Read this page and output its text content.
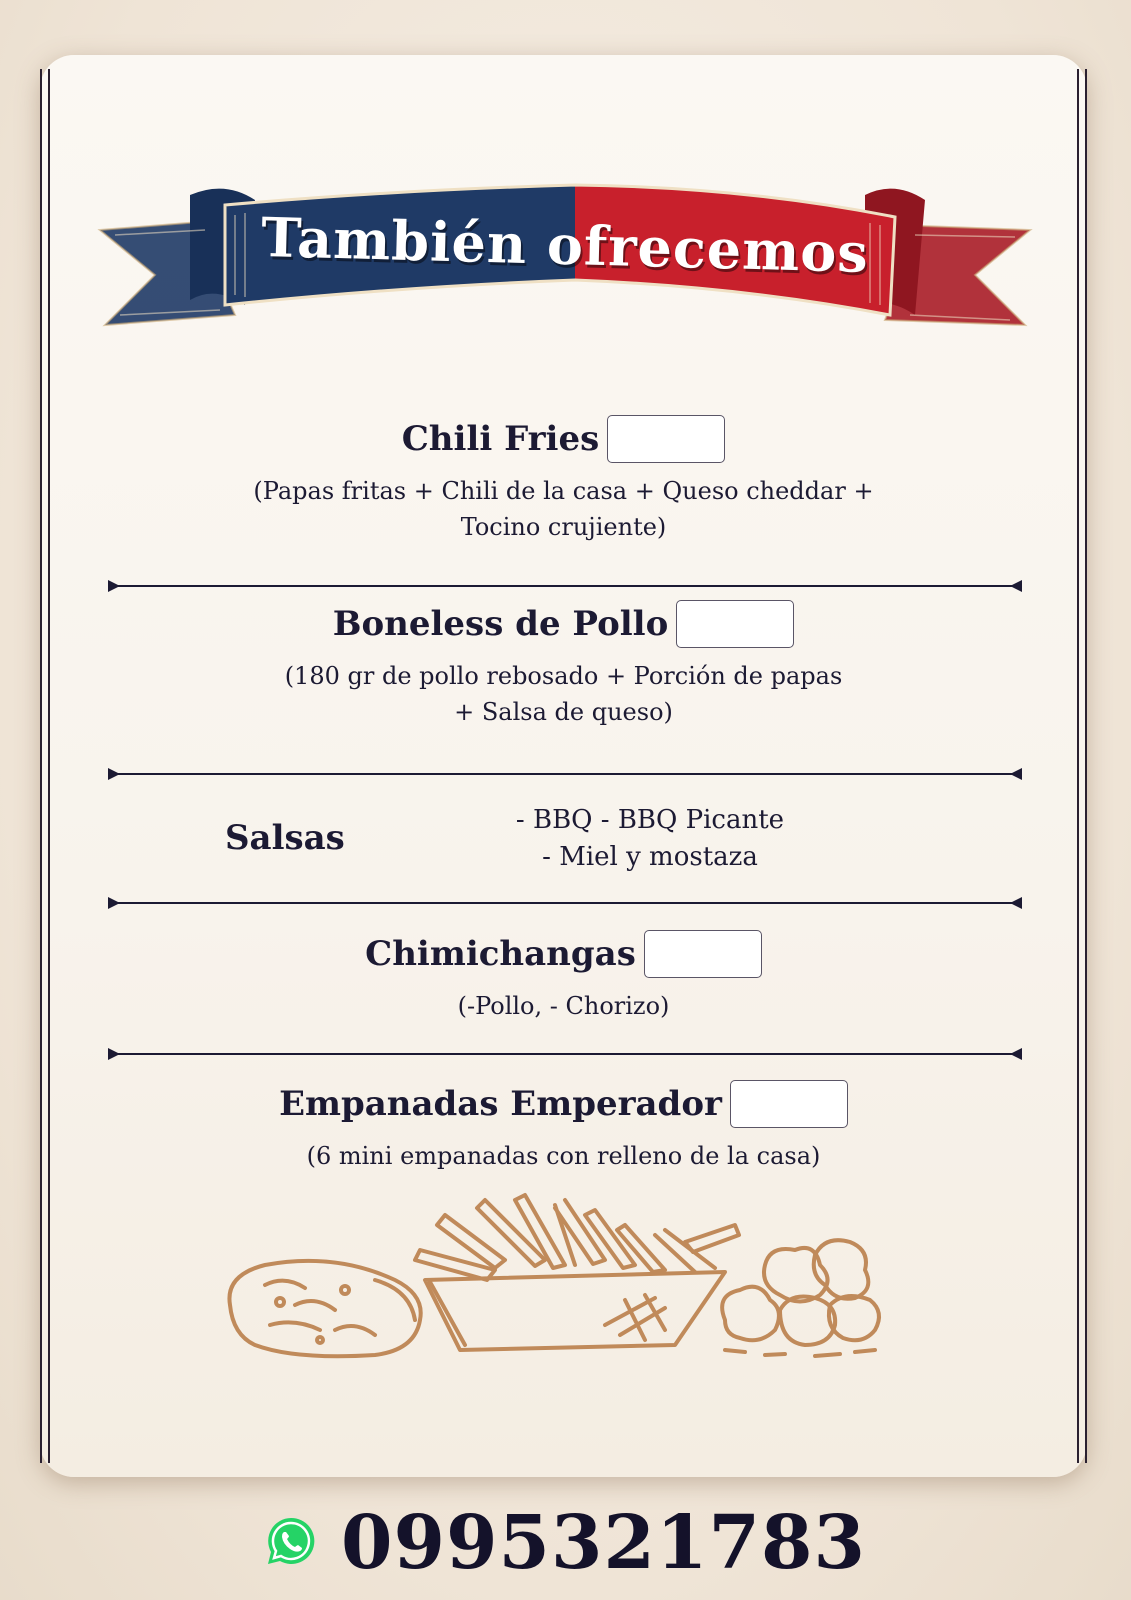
También ofrecemos
Chili Fries
(Papas fritas + Chili de la casa + Queso cheddar +
Tocino crujiente)
Boneless de Pollo
(180 gr de pollo rebosado + Porción de papas
+ Salsa de queso)
Salsas	- BBQ - BBQ Picante
- Miel y mostaza
Chimichangas
(-Pollo, - Chorizo)
Empanadas Emperador
(6 mini empanadas con relleno de la casa)
0995321783
